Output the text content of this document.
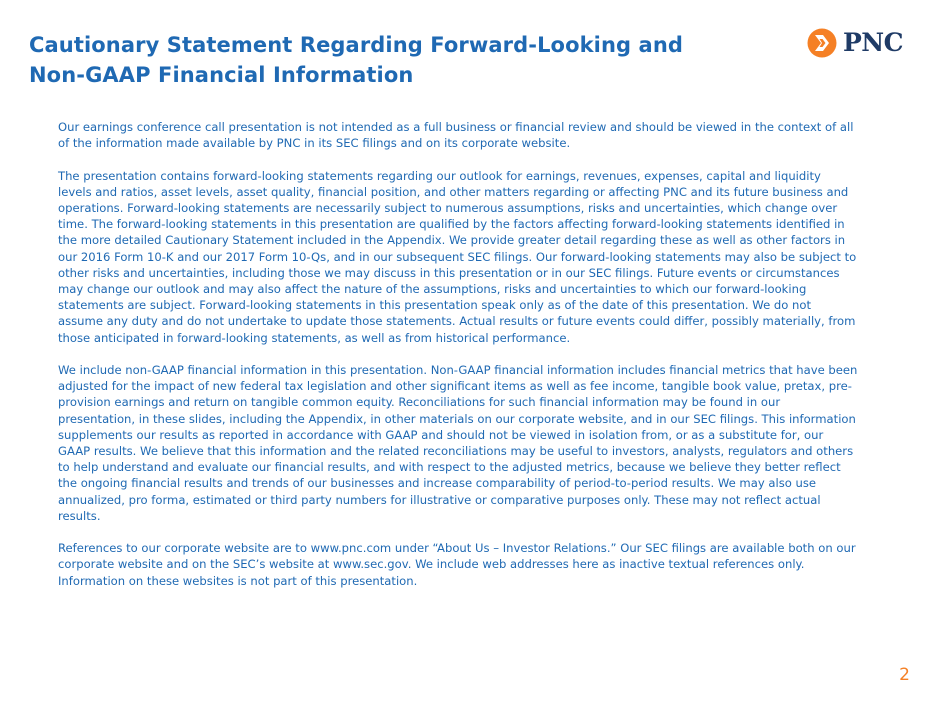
Cautionary Statement Regarding Forward-Looking and
Non-GAAP Financial Information
PNC

Our earnings conference call presentation is not intended as a full business or financial review and should be viewed in the context of all of the information made available by PNC in its SEC filings and on its corporate website.

The presentation contains forward-looking statements regarding our outlook for earnings, revenues, expenses, capital and liquidity levels and ratios, asset levels, asset quality, financial position, and other matters regarding or affecting PNC and its future business and operations. Forward-looking statements are necessarily subject to numerous assumptions, risks and uncertainties, which change over time. The forward-looking statements in this presentation are qualified by the factors affecting forward-looking statements identified in the more detailed Cautionary Statement included in the Appendix. We provide greater detail regarding these as well as other factors in our 2016 Form 10-K and our 2017 Form 10-Qs, and in our subsequent SEC filings. Our forward-looking statements may also be subject to other risks and uncertainties, including those we may discuss in this presentation or in our SEC filings. Future events or circumstances may change our outlook and may also affect the nature of the assumptions, risks and uncertainties to which our forward-looking statements are subject. Forward-looking statements in this presentation speak only as of the date of this presentation. We do not assume any duty and do not undertake to update those statements. Actual results or future events could differ, possibly materially, from those anticipated in forward-looking statements, as well as from historical performance.

We include non-GAAP financial information in this presentation. Non-GAAP financial information includes financial metrics that have been adjusted for the impact of new federal tax legislation and other significant items as well as fee income, tangible book value, pretax, pre-provision earnings and return on tangible common equity. Reconciliations for such financial information may be found in our presentation, in these slides, including the Appendix, in other materials on our corporate website, and in our SEC filings. This information supplements our results as reported in accordance with GAAP and should not be viewed in isolation from, or as a substitute for, our GAAP results. We believe that this information and the related reconciliations may be useful to investors, analysts, regulators and others to help understand and evaluate our financial results, and with respect to the adjusted metrics, because we believe they better reflect the ongoing financial results and trends of our businesses and increase comparability of period-to-period results. We may also use annualized, pro forma, estimated or third party numbers for illustrative or comparative purposes only. These may not reflect actual results.

References to our corporate website are to www.pnc.com under “About Us – Investor Relations.” Our SEC filings are available both on our corporate website and on the SEC’s website at www.sec.gov. We include web addresses here as inactive textual references only. Information on these websites is not part of this presentation.

2
